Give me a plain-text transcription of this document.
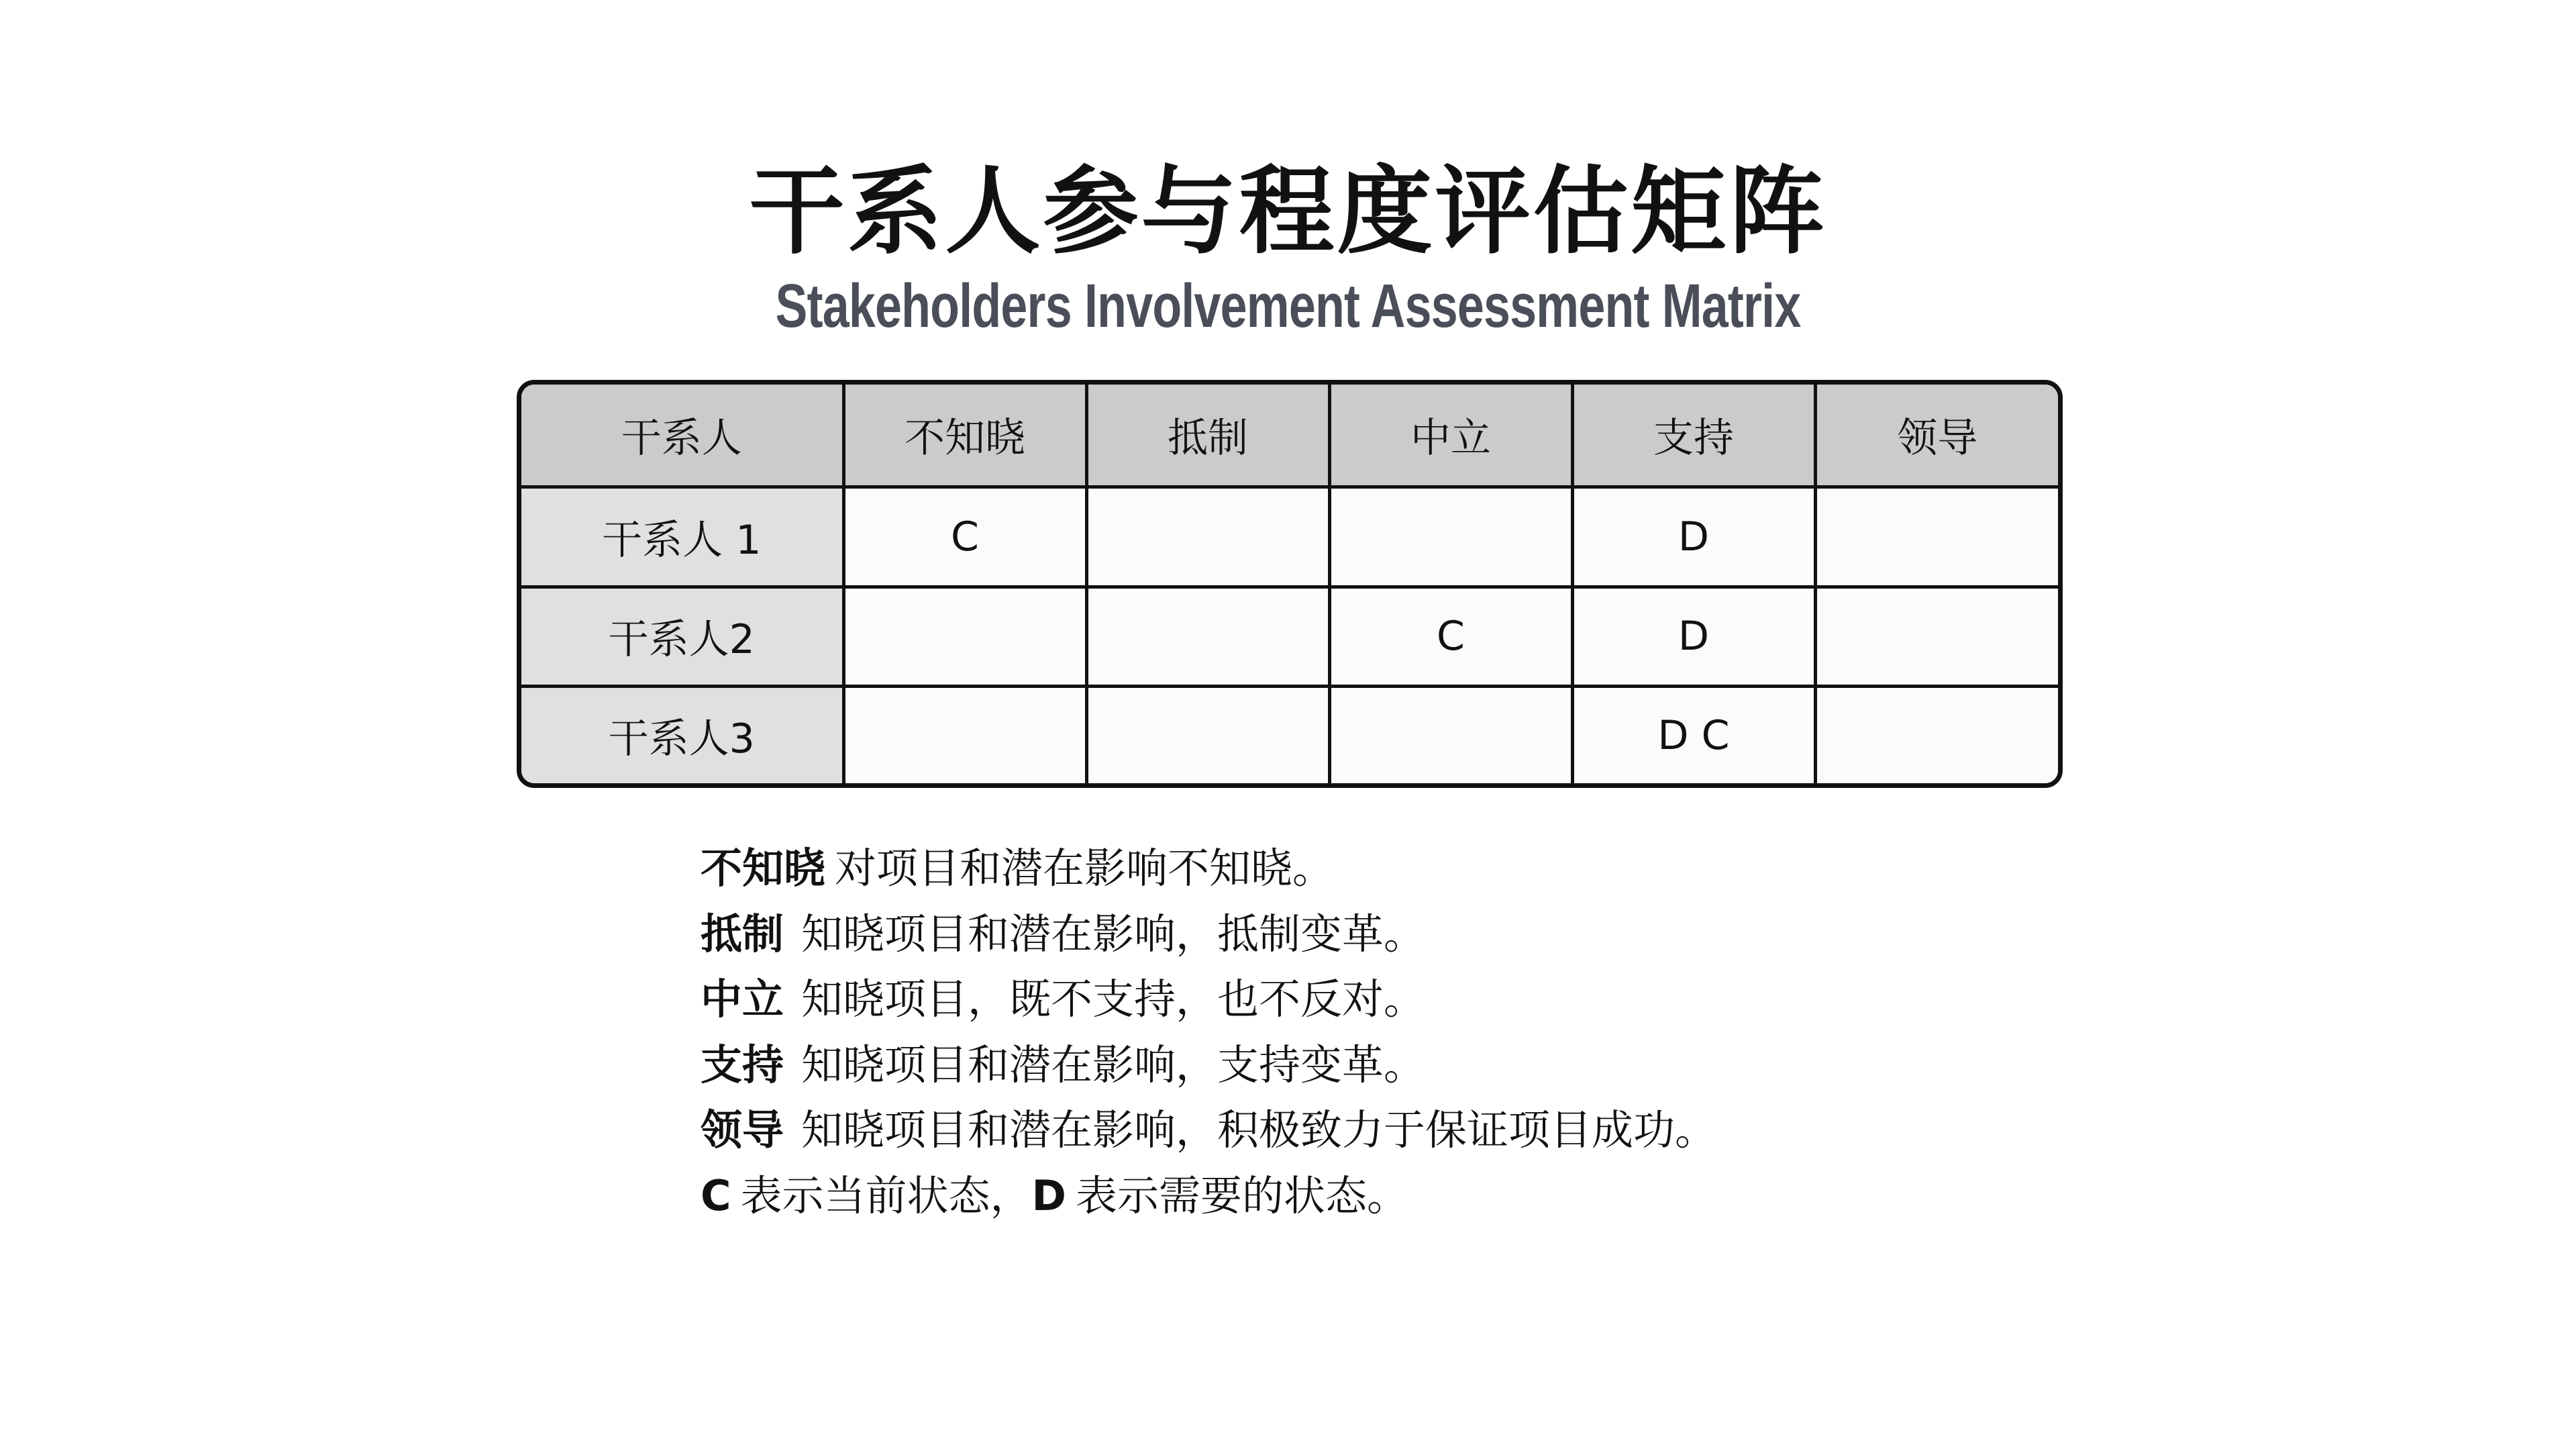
干系人参与程度评估矩阵
Stakeholders Involvement Assessment Matrix
干系人	不知晓	抵制	中立	支持	领导
干系人 1	C			D	
干系人2			C	D	
干系人3				D C	
不知晓 对项目和潜在影响不知晓。
抵制 知晓项目和潜在影响，抵制变革。
中立 知晓项目，既不支持，也不反对。
支持 知晓项目和潜在影响，支持变革。
领导 知晓项目和潜在影响，积极致力于保证项目成功。
C 表示当前状态，D 表示需要的状态。
